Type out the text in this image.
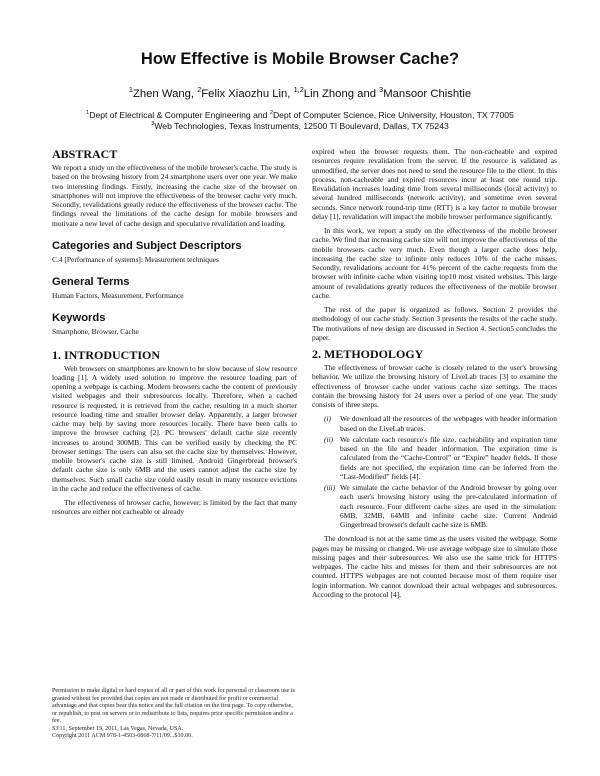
How Effective is Mobile Browser Cache?
$^1$Zhen Wang, $^2$Felix Xiaozhu Lin, $^{1,2}$Lin Zhong and $^3$Mansoor Chishtie
$^1$Dept of Electrical & Computer Engineering and $^2$Dept of Computer Science, Rice University, Houston, TX 77005
$^3$Web Technologies, Texas Instruments, 12500 TI Boulevard, Dallas, TX 75243
ABSTRACT

We report a study on the effectiveness of the mobile browser's cache. The study is based on the browsing history from 24 smartphone users over one year. We make two interesting findings. Firstly, increasing the cache size of the browser on smartphones will not improve the effectiveness of the browser cache very much. Secondly, revalidations greatly reduce the effectiveness of the browser cache. The findings reveal the limitations of the cache design for mobile browsers and motivate a new level of cache design and speculative revalidation and loading.

Categories and Subject Descriptors

C.4 [Performance of systems]: Measurement techniques

General Terms

Human Factors, Measurement, Performance

Keywords

Smartphone, Browser, Cache

1. INTRODUCTION

Web browsers on smartphones are known to be slow because of slow resource loading [1]. A widely used solution to improve the resource loading part of opening a webpage is caching. Modern browsers cache the content of previously visited webpages and their subresources locally. Therefore, when a cached resource is requested, it is retrieved from the cache, resulting in a much shorter resource loading time and smaller browser delay. Apparently, a larger browser cache may help by saving more resources locally. There have been calls to improve the browser caching [2]. PC browsers' default cache size recently increases to around 300MB. This can be verified easily by checking the PC browser settings. The users can also set the cache size by themselves. However, mobile browser's cache size is still limited. Android Gingerbread browser's default cache size is only 6MB and the users cannot adjust the cache size by themselves. Such small cache size could easily result in many resource evictions in the cache and reduce the effectiveness of cache.

The effectiveness of browser cache, however, is limited by the fact that many resources are either not cacheable or already

Permission to make digital or hard copies of all or part of this work for personal or classroom use is granted without fee provided that copies are not made or distributed for profit or commercial advantage and that copies bear this notice and the full citation on the first page. To copy otherwise, or republish, to post on servers or to redistribute to lists, requires prior specific permission and/or a fee.
S3'11, September 19, 2011, Las Vegas, Nevada, USA.
Copyright 2011 ACM 978-1-4503-0868-7/11/09...$10.00.

expired when the browser requests them. The non-cacheable and expired resources require revalidation from the server. If the resource is validated as unmodified, the server does not need to send the resource file to the client. In this process, non-cacheable and expired resources incur at least one round trip. Revalidation increases loading time from several milliseconds (local activity) to several hundred milliseconds (network activity), and sometime even several seconds. Since network round-trip time (RTT) is a key factor to mobile browser delay [1], revalidation will impact the mobile browser performance significantly.

In this work, we report a study on the effectiveness of the mobile browser cache. We find that increasing cache size will not improve the effectiveness of the mobile browsers cache very much. Even though a larger cache does help, increasing the cache size to infinite only reduces 10% of the cache misses. Secondly, revalidations account for 41% percent of the cache requests from the browser with infinite cache when visiting top10 most visited websites. This large amount of revalidations greatly reduces the effectiveness of the mobile browser cache.

The rest of the paper is organized as follows. Section 2 provides the methodology of our cache study. Section 3 presents the results of the cache study. The motivations of new design are discussed in Section 4. Section5 concludes the paper.

2. METHODOLOGY

The effectiveness of browser cache is closely related to the user's browsing behavior. We utilize the browsing history of LiveLab traces [3] to examine the effectiveness of browser cache under various cache size settings. The traces contain the browsing history for 24 users over a period of one year. The study consists of three steps.

(i)	We download all the resources of the webpages with header information based on the LiveLab traces.
(ii) We calculate each resource's file size, cacheability and expiration time based on the file and header information. The expiration time is calculated from the “Cache-Control” or “Expire” header fields. If those fields are not specified, the expiration time can be inferred from the “Last-Modified” fields [4].
(iii) We simulate the cache behavior of the Android browser by going over each user's browsing history using the pre-calculated information of each resource. Four different cache sizes are used in the simulation: 6MB, 32MB, 64MB and infinite cache size. Current Android Gingerbread browser's default cache size is 6MB.

The download is not at the same time as the users visited the webpage. Some pages may be missing or changed. We use average webpage size to simulate those missing pages and their subresources. We also use the same trick for HTTPS webpages. The cache hits and misses for them and their subresources are not counted. HTTPS webpages are not counted because most of them require user login information. We cannot download their actual webpages and subresources. According to the protocol [4],
